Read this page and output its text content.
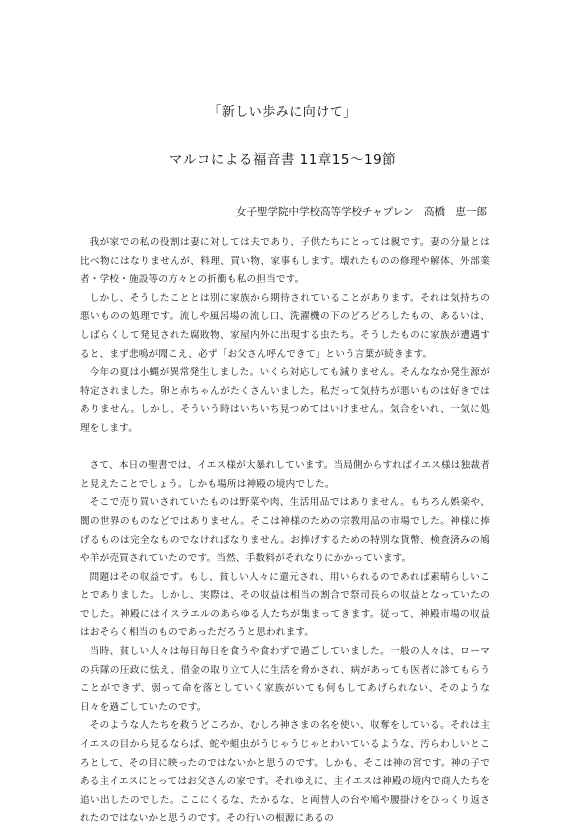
「新しい歩みに向けて」
マルコによる福音書 11章15〜19節
女子聖学院中学校高等学校チャプレン　高橋　恵一郎

我が家での私の役割は妻に対しては夫であり、子供たちにとっては親です。妻の分量とは比べ物にはなりませんが、料理、買い物、家事もします。壊れたものの修理や解体、外部業者・学校・施設等の方々との折衝も私の担当です。

しかし、そうしたこととは別に家族から期待されていることがあります。それは気持ちの悪いものの処理です。流しや風呂場の流し口、洗濯機の下のどろどろしたもの、あるいは、しばらくして発見された腐敗物、家屋内外に出現する虫たち。そうしたものに家族が遭遇すると、まず悲鳴が聞こえ、必ず「お父さん呼んできて」という言葉が続きます。

今年の夏は小蝿が異常発生しました。いくら対応しても減りません。そんななか発生源が特定されました。卵と赤ちゃんがたくさんいました。私だって気持ちが悪いものは好きではありません。しかし、そういう時はいちいち見つめてはいけません。気合をいれ、一気に処理をします。

さて、本日の聖書では、イエス様が大暴れしています。当局側からすればイエス様は独裁者と見えたことでしょう。しかも場所は神殿の境内でした。

そこで売り買いされていたものは野菜や肉、生活用品ではありません。もちろん娯楽や、闇の世界のものなどではありません。そこは神様のための宗教用品の市場でした。神様に捧げるものは完全なものでなければなりません。お捧げするための特別な貨幣、検査済みの鳩や羊が売買されていたのです。当然、手数料がそれなりにかかっています。

問題はその収益です。もし、貧しい人々に還元され、用いられるのであれば素晴らしいことでありました。しかし、実際は、その収益は相当の割合で祭司長らの収益となっていたのでした。神殿にはイスラエルのあらゆる人たちが集まってきます。従って、神殿市場の収益はおそらく相当のものであっただろうと思われます。

当時、貧しい人々は毎日毎日を食うや食わずで過ごしていました。一般の人々は、ローマの兵隊の圧政に怯え、借金の取り立て人に生活を脅かされ、病があっても医者に診てもらうことができず、弱って命を落としていく家族がいても何もしてあげられない、そのような日々を過ごしていたのです。

そのような人たちを救うどころか、むしろ神さまの名を使い、収奪をしている。それは主イエスの目から見るならば、蛇や蛆虫がうじゃうじゃとわいているような、汚らわしいところとして、その目に映ったのではないかと思うのです。しかも、そこは神の宮です。神の子である主イエスにとってはお父さんの家です。それゆえに、主イエスは神殿の境内で商人たちを追い出したのでした。ここにくるな、たかるな、と両替人の台や鳩や腰掛けをひっくり返されたのではないかと思うのです。その行いの根源にあるの
